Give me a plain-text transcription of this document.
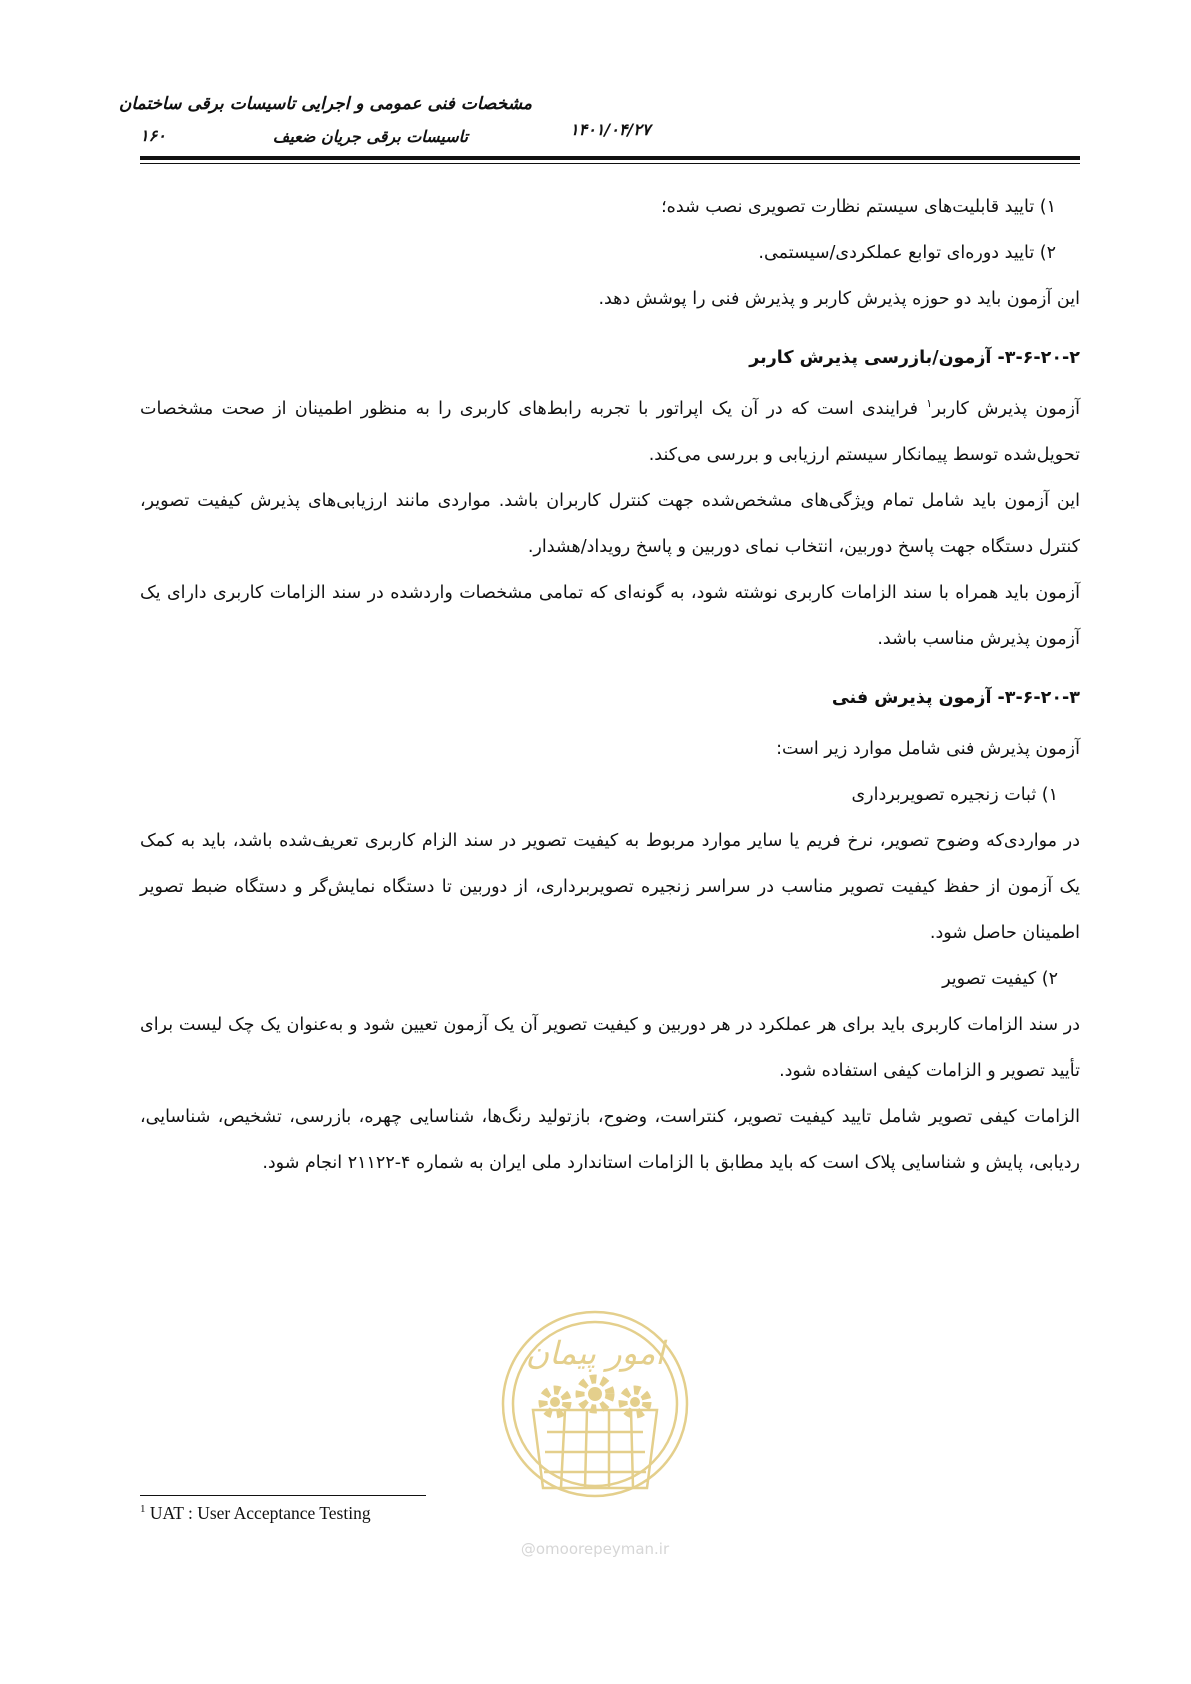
مشخصات فنی عمومی و اجرایی تاسیسات برقی ساختمان
تاسیسات برقی جریان ضعیف	۱۴۰۱/۰۴/۲۷
۱۶۰

۱) تایید قابلیت‌های سیستم نظارت تصویری نصب شده؛

۲) تایید دوره‌ای توابع عملکردی/سیستمی.

این آزمون باید دو حوزه پذیرش کاربر و پذیرش فنی را پوشش دهد.

۳-۶-۲۰-۲- آزمون/بازرسی پذیرش کاربر

آزمون پذیرش کاربر$^۱$ فرایندی است که در آن یک اپراتور با تجربه رابط‌های کاربری را به منظور اطمینان از صحت مشخصات تحویل‌شده توسط پیمانکار سیستم ارزیابی و بررسی می‌کند.

این آزمون باید شامل تمام ویژگی‌های مشخص‌شده جهت کنترل کاربران باشد. مواردی مانند ارزیابی‌های پذیرش کیفیت تصویر، کنترل دستگاه جهت پاسخ دوربین، انتخاب نمای دوربین و پاسخ رویداد/هشدار.

آزمون باید همراه با سند الزامات کاربری نوشته شود، به گونه‌ای که تمامی مشخصات واردشده در سند الزامات کاربری دارای یک آزمون پذیرش مناسب باشد.

۳-۶-۲۰-۳- آزمون پذیرش فنی

آزمون پذیرش فنی شامل موارد زیر است:

۱) ثبات زنجیره تصویربرداری

در مواردی‌که وضوح تصویر، نرخ فریم یا سایر موارد مربوط به کیفیت تصویر در سند الزام کاربری تعریف‌شده باشد، باید به کمک یک آزمون از حفظ کیفیت تصویر مناسب در سراسر زنجیره تصویربرداری، از دوربین تا دستگاه نمایش‌گر و دستگاه ضبط تصویر اطمینان حاصل شود.

۲) کیفیت تصویر

در سند الزامات کاربری باید برای هر عملکرد در هر دوربین و کیفیت تصویر آن یک آزمون تعیین شود و به‌عنوان یک چک لیست برای تأیید تصویر و الزامات کیفی استفاده شود.

الزامات کیفی تصویر شامل تایید کیفیت تصویر، کنتراست، وضوح، بازتولید رنگ‌ها، شناسایی چهره، بازرسی، تشخیص، شناسایی، ردیابی، پایش و شناسایی پلاک است که باید مطابق با الزامات استاندارد ملی ایران به شماره ۴-۲۱۱۲۲ انجام شود.

امور پیمان
@omoorepeyman.ir
$^1$ UAT : User Acceptance Testing
